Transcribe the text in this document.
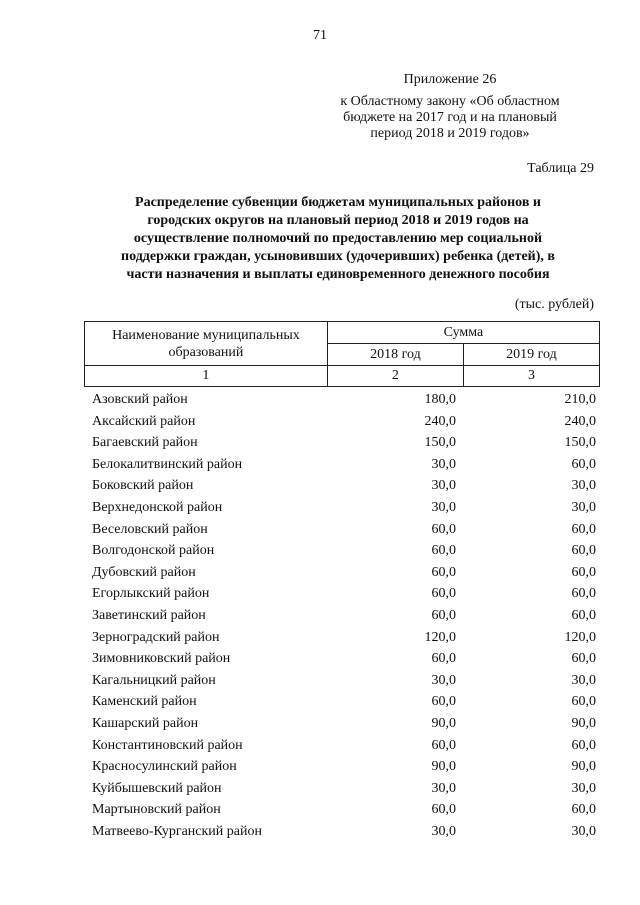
71
Приложение 26
к Областному закону «Об областном
бюджете на 2017 год и на плановый
период 2018 и 2019 годов»
Таблица 29
Распределение субвенции бюджетам муниципальных районов и
городских округов на плановый период 2018 и 2019 годов на
осуществление полномочий по предоставлению мер социальной
поддержки граждан, усыновивших (удочеривших) ребенка (детей), в
части назначения и выплаты единовременного денежного пособия
(тыс. рублей)
Наименование муниципальных образований	Сумма	
	2018 год	2019 год
1	2	3
Азовский район	180,0	210,0
Аксайский район	240,0	240,0
Багаевский район	150,0	150,0
Белокалитвинский район	30,0	60,0
Боковский район	30,0	30,0
Верхнедонской район	30,0	30,0
Веселовский район	60,0	60,0
Волгодонской район	60,0	60,0
Дубовский район	60,0	60,0
Егорлыкский район	60,0	60,0
Заветинский район	60,0	60,0
Зерноградский район	120,0	120,0
Зимовниковский район	60,0	60,0
Кагальницкий район	30,0	30,0
Каменский район	60,0	60,0
Кашарский район	90,0	90,0
Константиновский район	60,0	60,0
Красносулинский район	90,0	90,0
Куйбышевский район	30,0	30,0
Мартыновский район	60,0	60,0
Матвеево-Курганский район	30,0	30,0
